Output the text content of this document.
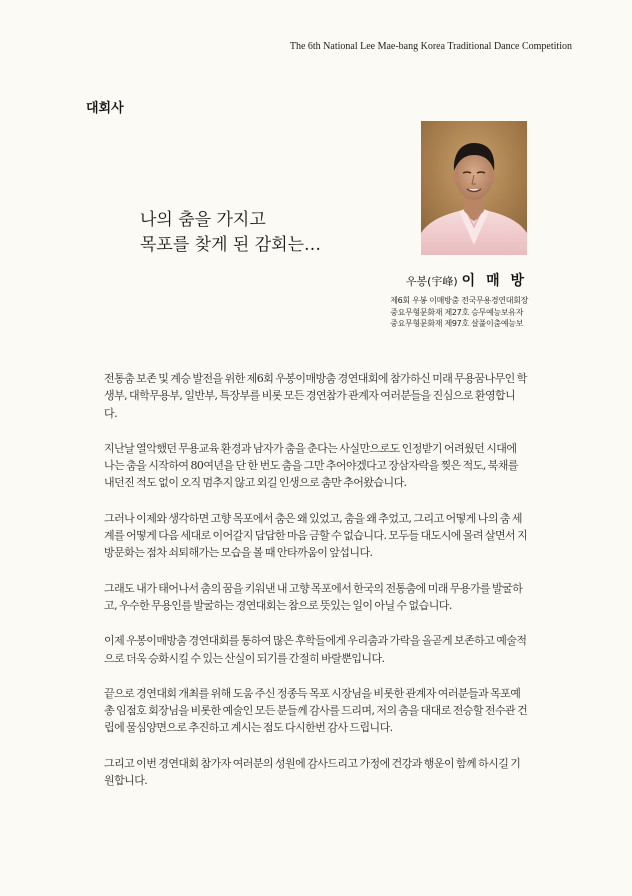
The 6th National Lee Mae-bang Korea Traditional Dance Competition
대회사
나의 춤을 가지고
목포를 찾게 된 감회는…
우봉(宇峰) 이 매 방
제6회 우봉 이매방춤 전국무용경연대회장
중요무형문화재 제27호 승무예능보유자
중요무형문화재 제97호 살풀이춤예능보

전통춤 보존 및 계승 발전을 위한 제6회 우봉이매방춤 경연대회에 참가하신 미래 무용꿈나무인 학생부, 대학무용부, 일반부, 특장부를 비롯 모든 경연참가 관계자 여러분들을 진심으로 환영합니다.

지난날 열악했던 무용교육 환경과 남자가 춤을 춘다는 사실만으로도 인정받기 어려웠던 시대에 나는 춤을 시작하여 80여년을 단 한 번도 춤을 그만 추어야겠다고 장삼자락을 찢은 적도, 북채를 내던진 적도 없이 오직 멈추지 않고 외길 인생으로 춤만 추어왔습니다.

그러나 이제와 생각하면 고향 목포에서 춤은 왜 있었고, 춤을 왜 추었고, 그리고 어떻게 나의 춤 세계를 어떻게 다음 세대로 이어갈지 답답한 마음 금할 수 없습니다. 모두들 대도시에 몰려 살면서 지방문화는 점차 쇠퇴해가는 모습을 볼 때 안타까움이 앞섭니다.

그래도 내가 태어나서 춤의 꿈을 키워낸 내 고향 목포에서 한국의 전통춤에 미래 무용가를 발굴하고, 우수한 무용인를 발굴하는 경연대회는 참으로 뜻있는 일이 아닐 수 없습니다.

이제 우봉이매방춤 경연대회를 통하여 많은 후학들에게 우리춤과 가락을 올곧게 보존하고 예술적으로 더욱 승화시킬 수 있는 산실이 되기를 간절히 바랄뿐입니다.

끝으로 경연대회 개최를 위해 도움 주신 정종득 목포 시장님을 비롯한 관계자 여러분들과 목포예총 임점호 회장님을 비롯한 예술인 모든 분들께 감사를 드리며, 저의 춤을 대대로 전승할 전수관 건립에 물심양면으로 추진하고 계시는 점도 다시한번 감사 드립니다.

그리고 이번 경연대회 참가자 여러분의 성원에 감사드리고 가정에 건강과 행운이 함께 하시길 기원합니다.
